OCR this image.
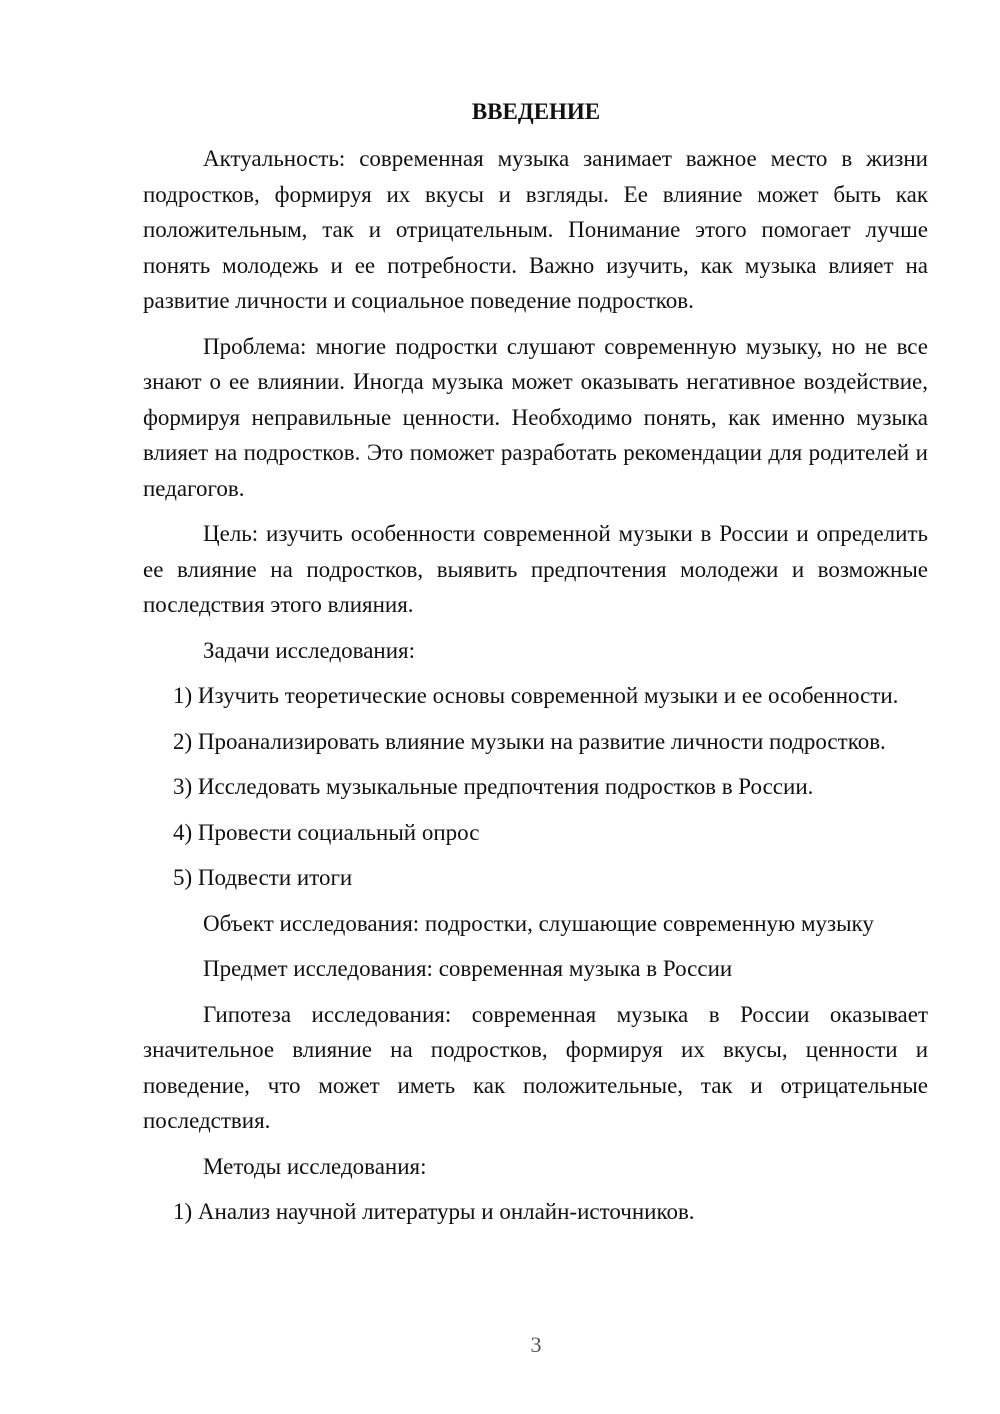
ВВЕДЕНИЕ

Актуальность: современная музыка занимает важное место в жизни подростков, формируя их вкусы и взгляды. Ее влияние может быть как положительным, так и отрицательным. Понимание этого помогает лучше понять молодежь и ее потребности. Важно изучить, как музыка влияет на развитие личности и социальное поведение подростков.

Проблема: многие подростки слушают современную музыку, но не все знают о ее влиянии. Иногда музыка может оказывать негативное воздействие, формируя неправильные ценности. Необходимо понять, как именно музыка влияет на подростков. Это поможет разработать рекомендации для родителей и педагогов.

Цель: изучить особенности современной музыки в России и определить ее влияние на подростков, выявить предпочтения молодежи и возможные последствия этого влияния.

Задачи исследования:

1) Изучить теоретические основы современной музыки и ее особенности.

2) Проанализировать влияние музыки на развитие личности подростков.

3) Исследовать музыкальные предпочтения подростков в России.

4) Провести социальный опрос

5) Подвести итоги

Объект исследования: подростки, слушающие современную музыку

Предмет исследования: современная музыка в России

Гипотеза исследования: современная музыка в России оказывает значительное влияние на подростков, формируя их вкусы, ценности и поведение, что может иметь как положительные, так и отрицательные последствия.

Методы исследования:

1) Анализ научной литературы и онлайн-источников.

3
